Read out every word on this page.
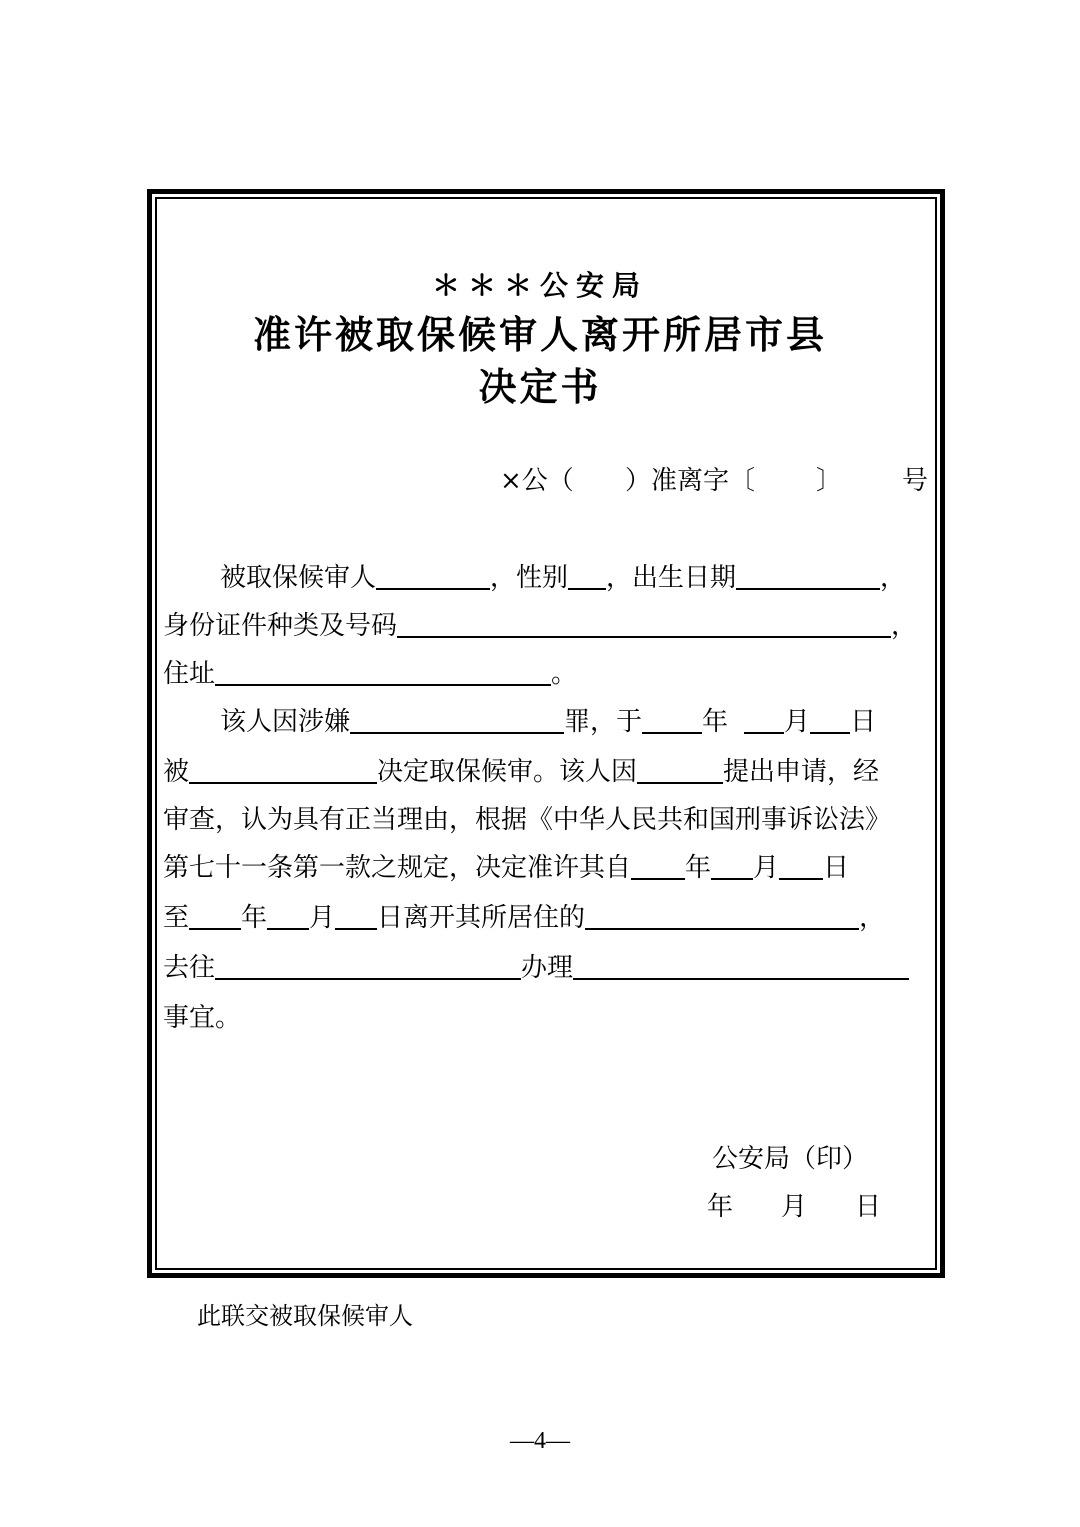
＊＊＊公安局
准许被取保候审人离开所居市县
决定书
×公（ ）准离字〔 〕 号
被取保候审人	，性别 ，出生日期	，
身份证件种类及号码	，
住址	。
该人因涉嫌	罪，于 年 月 日
被	决定取保候审。该人因	提出申请，经
审查，认为具有正当理由，根据《中华人民共和国刑事诉讼法》
第七十一条第一款之规定，决定准许其自 年 月 日
至 年 月 日离开其所居住的	，
去往	办理
事宜。
公安局（印）
年 月 日
此联交被取保候审人
—4—
